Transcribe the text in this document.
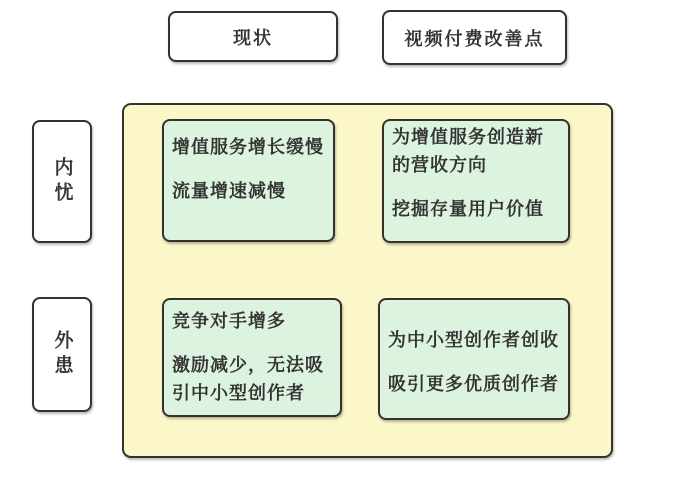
现状	视频付费改善点
内忧
外患

增值服务增长缓慢

流量增速减慢

为增值服务创造新的营收方向

挖掘存量用户价值

竞争对手增多

激励减少，无法吸引中小型创作者

为中小型创作者创收

吸引更多优质创作者
